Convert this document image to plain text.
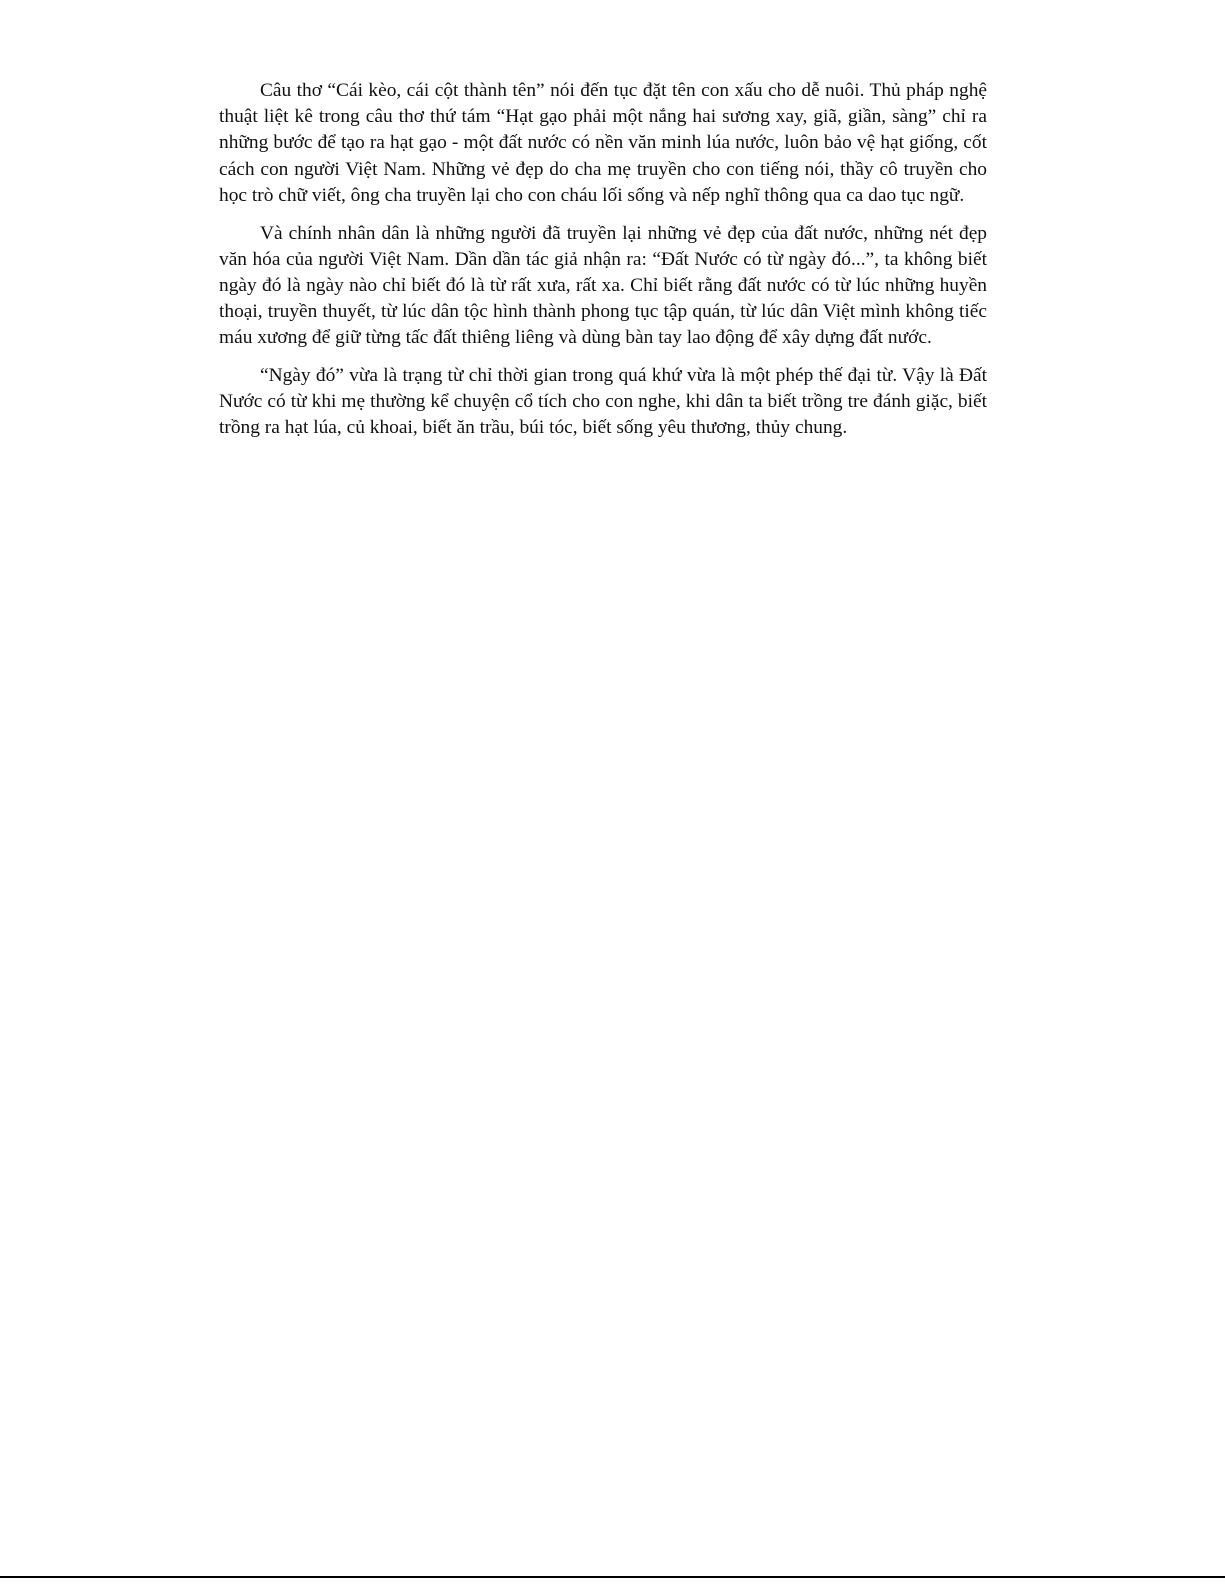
Câu thơ “Cái kèo, cái cột thành tên” nói đến tục đặt tên con xấu cho dễ nuôi. Thủ pháp nghệ thuật liệt kê trong câu thơ thứ tám “Hạt gạo phải một nắng hai sương xay, giã, giần, sàng” chỉ ra những bước để tạo ra hạt gạo - một đất nước có nền văn minh lúa nước, luôn bảo vệ hạt giống, cốt cách con người Việt Nam. Những vẻ đẹp do cha mẹ truyền cho con tiếng nói, thầy cô truyền cho học trò chữ viết, ông cha truyền lại cho con cháu lối sống và nếp nghĩ thông qua ca dao tục ngữ.

Và chính nhân dân là những người đã truyền lại những vẻ đẹp của đất nước, những nét đẹp văn hóa của người Việt Nam. Dần dần tác giả nhận ra: “Đất Nước có từ ngày đó...”, ta không biết ngày đó là ngày nào chỉ biết đó là từ rất xưa, rất xa. Chỉ biết rằng đất nước có từ lúc những huyền thoại, truyền thuyết, từ lúc dân tộc hình thành phong tục tập quán, từ lúc dân Việt mình không tiếc máu xương để giữ từng tấc đất thiêng liêng và dùng bàn tay lao động để xây dựng đất nước.

“Ngày đó” vừa là trạng từ chỉ thời gian trong quá khứ vừa là một phép thế đại từ. Vậy là Đất Nước có từ khi mẹ thường kể chuyện cổ tích cho con nghe, khi dân ta biết trồng tre đánh giặc, biết trồng ra hạt lúa, củ khoai, biết ăn trầu, búi tóc, biết sống yêu thương, thủy chung.
